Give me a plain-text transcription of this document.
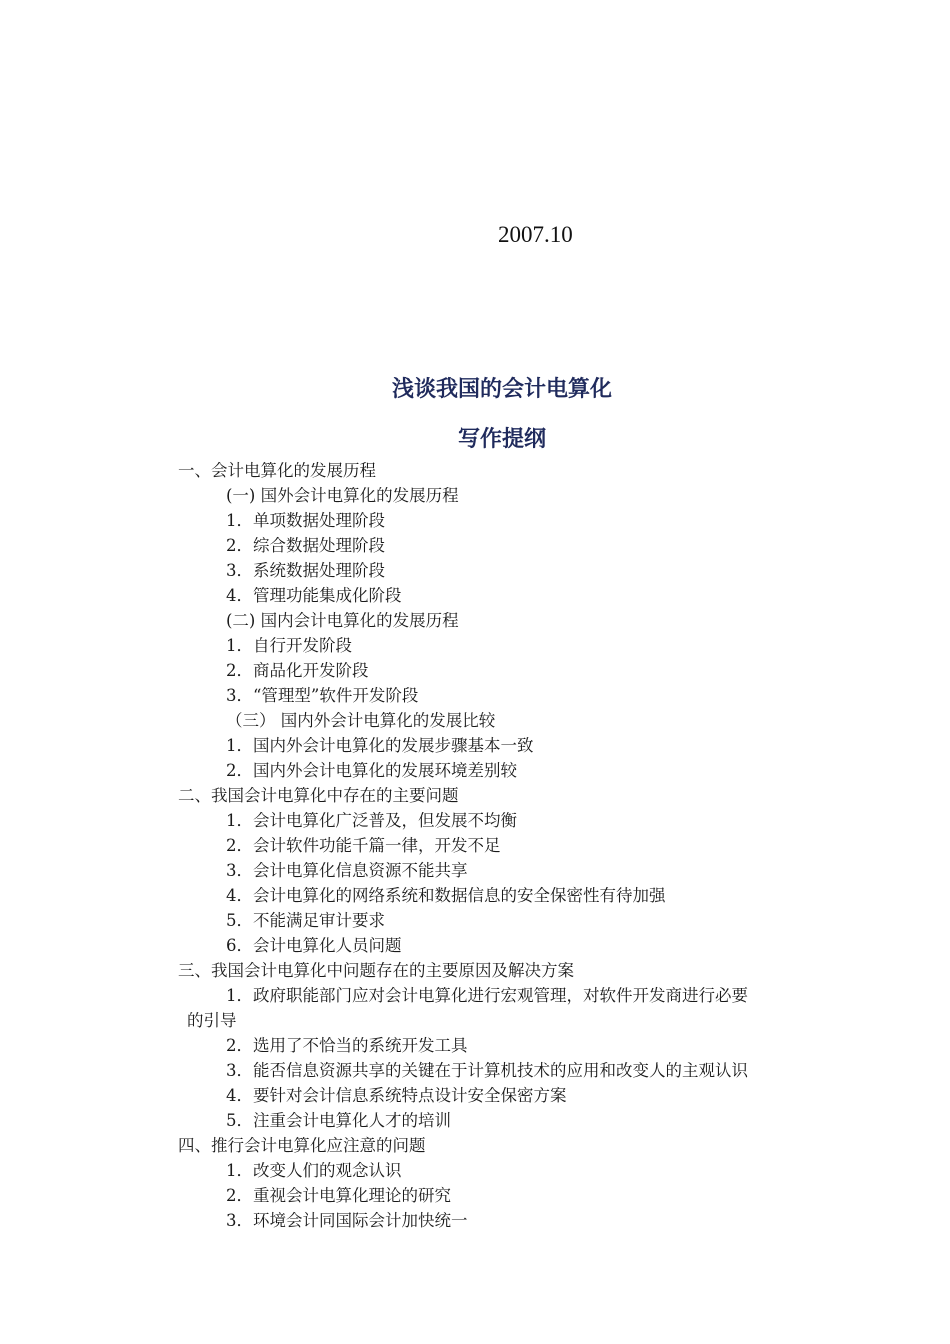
2007.10
浅谈我国的会计电算化
写作提纲
一、会计电算化的发展历程
(一) 国外会计电算化的发展历程
1．单项数据处理阶段
2．综合数据处理阶段
3．系统数据处理阶段
4．管理功能集成化阶段
(二) 国内会计电算化的发展历程
1．自行开发阶段
2．商品化开发阶段
3．“管理型”软件开发阶段
（三） 国内外会计电算化的发展比较
1．国内外会计电算化的发展步骤基本一致
2．国内外会计电算化的发展环境差别较
二、我国会计电算化中存在的主要问题
1．会计电算化广泛普及，但发展不均衡
2．会计软件功能千篇一律，开发不足
3．会计电算化信息资源不能共享
4．会计电算化的网络系统和数据信息的安全保密性有待加强
5．不能满足审计要求
6．会计电算化人员问题
三、我国会计电算化中问题存在的主要原因及解决方案
1．政府职能部门应对会计电算化进行宏观管理，对软件开发商进行必要
的引导
2．选用了不恰当的系统开发工具
3．能否信息资源共享的关键在于计算机技术的应用和改变人的主观认识
4．要针对会计信息系统特点设计安全保密方案
5．注重会计电算化人才的培训
四、推行会计电算化应注意的问题
1．改变人们的观念认识
2．重视会计电算化理论的研究
3．环境会计同国际会计加快统一
